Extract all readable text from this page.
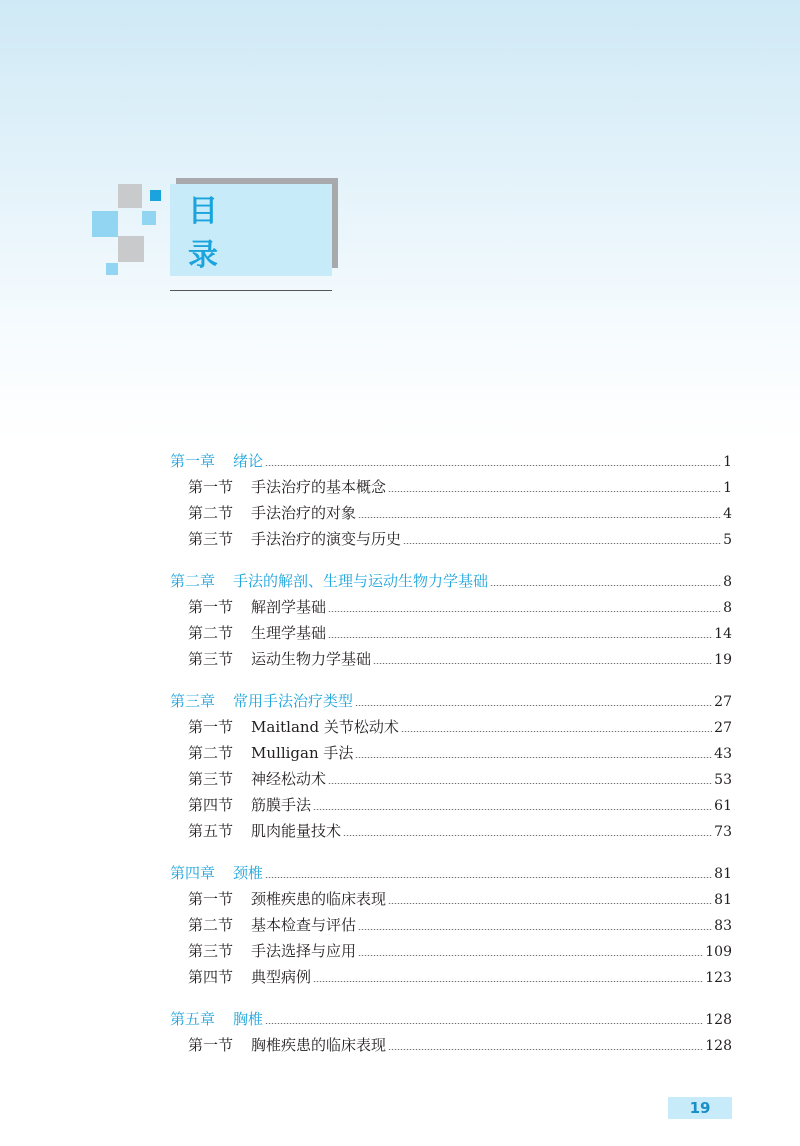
目 录
第一章 绪论	1
第一节 手法治疗的基本概念	1
第二节 手法治疗的对象	4
第三节 手法治疗的演变与历史	5
第二章 手法的解剖、生理与运动生物力学基础	8
第一节 解剖学基础	8
第二节 生理学基础	14
第三节 运动生物力学基础	19
第三章 常用手法治疗类型	27
第一节 Maitland 关节松动术	27
第二节 Mulligan 手法	43
第三节 神经松动术	53
第四节 筋膜手法	61
第五节 肌肉能量技术	73
第四章 颈椎	81
第一节 颈椎疾患的临床表现	81
第二节 基本检查与评估	83
第三节 手法选择与应用	109
第四节 典型病例	123
第五章 胸椎	128
第一节 胸椎疾患的临床表现	128
19
